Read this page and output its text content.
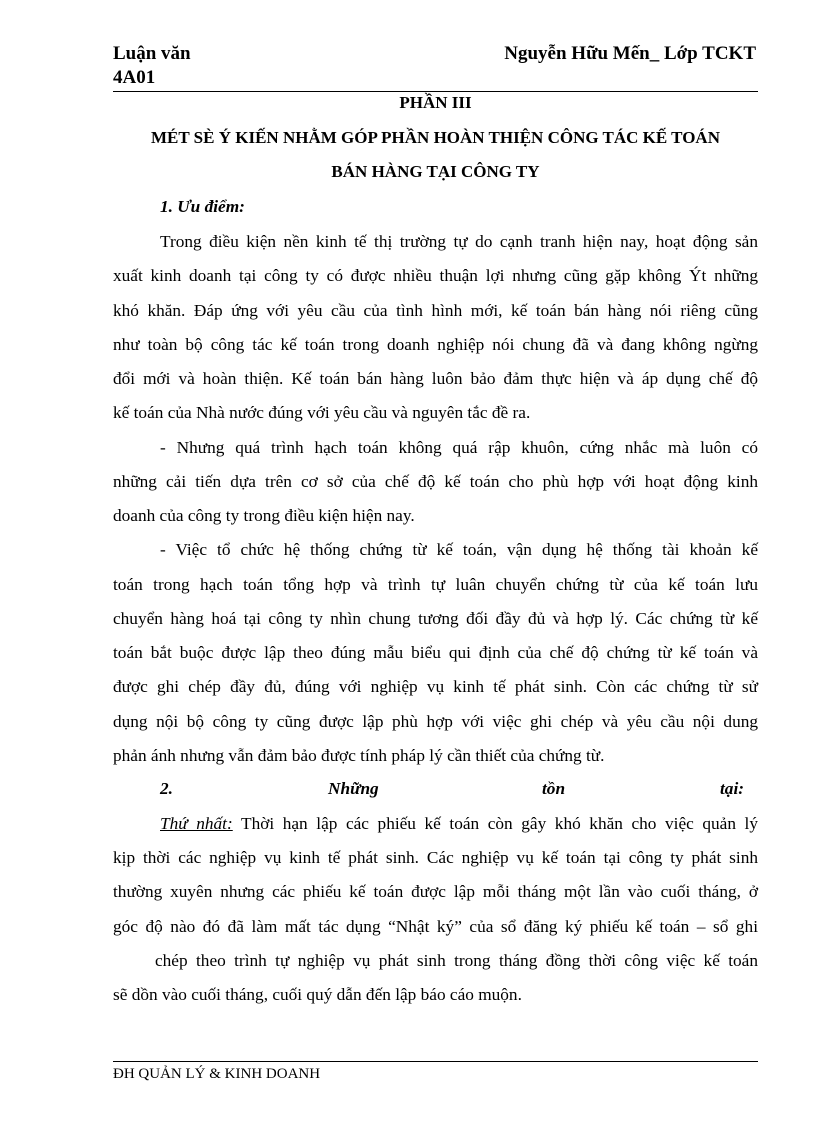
Luận văn
4A01
Nguyễn Hữu Mến_ Lớp TCKT
PHẦN III
MÉT SÈ Ý KIẾN NHẰM GÓP PHẦN HOÀN THIỆN CÔNG TÁC KẾ TOÁN
BÁN HÀNG TẠI CÔNG TY
1. Ưu điểm:
Trong điều kiện nền kinh tế thị trường tự do cạnh tranh hiện nay, hoạt động sản
xuất kinh doanh tại công ty có được nhiều thuận lợi nhưng cũng gặp không Ýt những
khó khăn. Đáp ứng với yêu cầu của tình hình mới, kế toán bán hàng nói riêng cũng
như toàn bộ công tác kế toán trong doanh nghiệp nói chung đã và đang không ngừng
đổi mới và hoàn thiện. Kế toán bán hàng luôn bảo đảm thực hiện và áp dụng chế độ
kế toán của Nhà nước đúng với yêu cầu và nguyên tắc đề ra.
- Nhưng quá trình hạch toán không quá rập khuôn, cứng nhắc mà luôn có
những cải tiến dựa trên cơ sở của chế độ kế toán cho phù hợp với hoạt động kinh
doanh của công ty trong điều kiện hiện nay.
- Việc tổ chức hệ thống chứng từ kế toán, vận dụng hệ thống tài khoản kế
toán trong hạch toán tổng hợp và trình tự luân chuyển chứng từ của kế toán lưu
chuyển hàng hoá tại công ty nhìn chung tương đối đầy đủ và hợp lý. Các chứng từ kế
toán bắt buộc được lập theo đúng mẫu biểu qui định của chế độ chứng từ kế toán và
được ghi chép đầy đủ, đúng với nghiệp vụ kinh tế phát sinh. Còn các chứng từ sử
dụng nội bộ công ty cũng được lập phù hợp với việc ghi chép và yêu cầu nội dung
phản ánh nhưng vẫn đảm bảo được tính pháp lý cần thiết của chứng từ.
2.	Những	tồn	tại:
Thứ nhất: Thời hạn lập các phiếu kế toán còn gây khó khăn cho việc quản lý
kịp thời các nghiệp vụ kinh tế phát sinh. Các nghiệp vụ kế toán tại công ty phát sinh
thường xuyên nhưng các phiếu kế toán được lập mỗi tháng một lần vào cuối tháng, ở
góc độ nào đó đã làm mất tác dụng “Nhật ký” của sổ đăng ký phiếu kế toán – sổ ghi
chép theo trình tự nghiệp vụ phát sinh trong tháng đồng thời công việc kế toán
sẽ dồn vào cuối tháng, cuối quý dẫn đến lập báo cáo muộn.
ĐH QUẢN LÝ & KINH DOANH
